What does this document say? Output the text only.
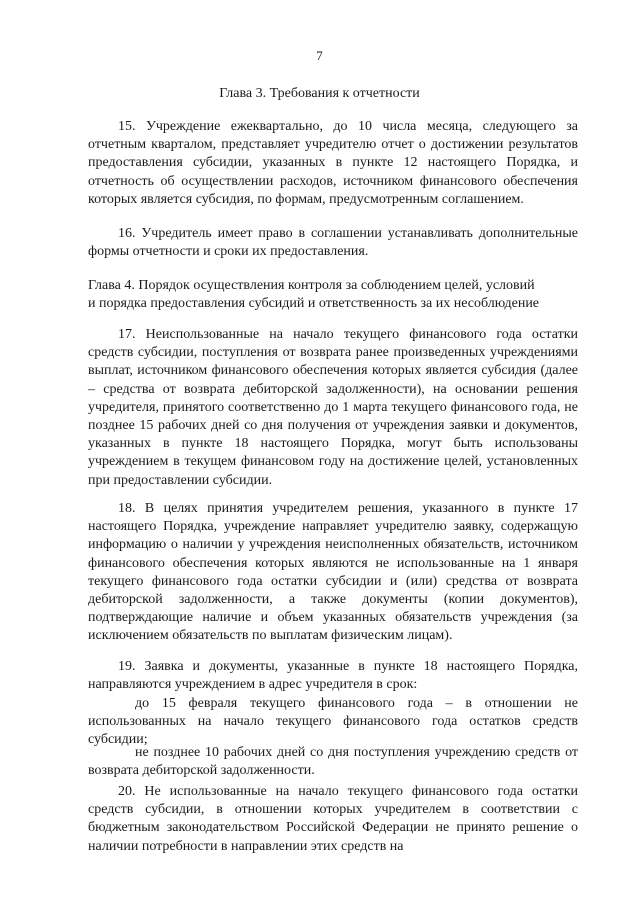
7
Глава 3. Требования к отчетности

15. Учреждение ежеквартально, до 10 числа месяца, следующего за отчетным кварталом, представляет учредителю отчет о достижении результатов предоставления субсидии, указанных в пункте 12 настоящего Порядка, и отчетность об осуществлении расходов, источником финансового обеспечения которых является субсидия, по формам, предусмотренным соглашением.

16. Учредитель имеет право в соглашении устанавливать дополнительные формы отчетности и сроки их предоставления.

Глава 4. Порядок осуществления контроля за соблюдением целей, условий
и порядка предоставления субсидий и ответственность за их несоблюдение

17. Неиспользованные на начало текущего финансового года остатки средств субсидии, поступления от возврата ранее произведенных учреждениями выплат, источником финансового обеспечения которых является субсидия (далее – средства от возврата дебиторской задолженности), на основании решения учредителя, принятого соответственно до 1 марта текущего финансового года, не позднее 15 рабочих дней со дня получения от учреждения заявки и документов, указанных в пункте 18 настоящего Порядка, могут быть использованы учреждением в текущем финансовом году на достижение целей, установленных при предоставлении субсидии.

18. В целях принятия учредителем решения, указанного в пункте 17 настоящего Порядка, учреждение направляет учредителю заявку, содержащую информацию о наличии у учреждения неисполненных обязательств, источником финансового обеспечения которых являются не использованные на 1 января текущего финансового года остатки субсидии и (или) средства от возврата дебиторской задолженности, а также документы (копии документов), подтверждающие наличие и объем указанных обязательств учреждения (за исключением обязательств по выплатам физическим лицам).

19. Заявка и документы, указанные в пункте 18 настоящего Порядка, направляются учреждением в адрес учредителя в срок:

до 15 февраля текущего финансового года – в отношении не использованных на начало текущего финансового года остатков средств субсидии;

не позднее 10 рабочих дней со дня поступления учреждению средств от возврата дебиторской задолженности.

20. Не использованные на начало текущего финансового года остатки средств субсидии, в отношении которых учредителем в соответствии с бюджетным законодательством Российской Федерации не принято решение о наличии потребности в направлении этих средств на
